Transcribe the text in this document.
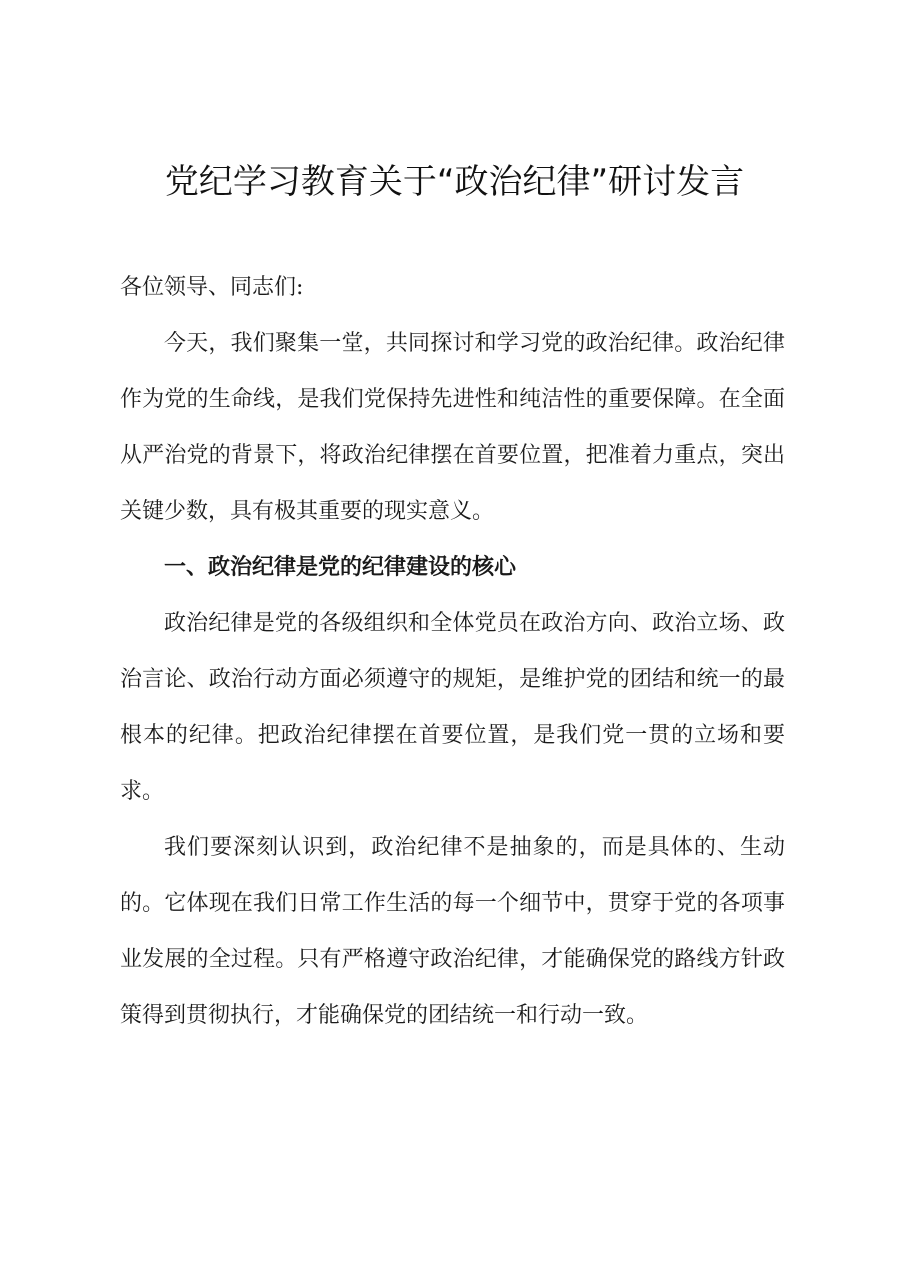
党纪学习教育关于“政治纪律”研讨发言

各位领导、同志们:

今天，我们聚集一堂，共同探讨和学习党的政治纪律。政治纪律作为党的生命线，是我们党保持先进性和纯洁性的重要保障。在全面从严治党的背景下，将政治纪律摆在首要位置，把准着力重点，突出关键少数，具有极其重要的现实意义。

一、政治纪律是党的纪律建设的核心

政治纪律是党的各级组织和全体党员在政治方向、政治立场、政治言论、政治行动方面必须遵守的规矩，是维护党的团结和统一的最根本的纪律。把政治纪律摆在首要位置，是我们党一贯的立场和要求。

我们要深刻认识到，政治纪律不是抽象的，而是具体的、生动的。它体现在我们日常工作生活的每一个细节中，贯穿于党的各项事业发展的全过程。只有严格遵守政治纪律，才能确保党的路线方针政策得到贯彻执行，才能确保党的团结统一和行动一致。
